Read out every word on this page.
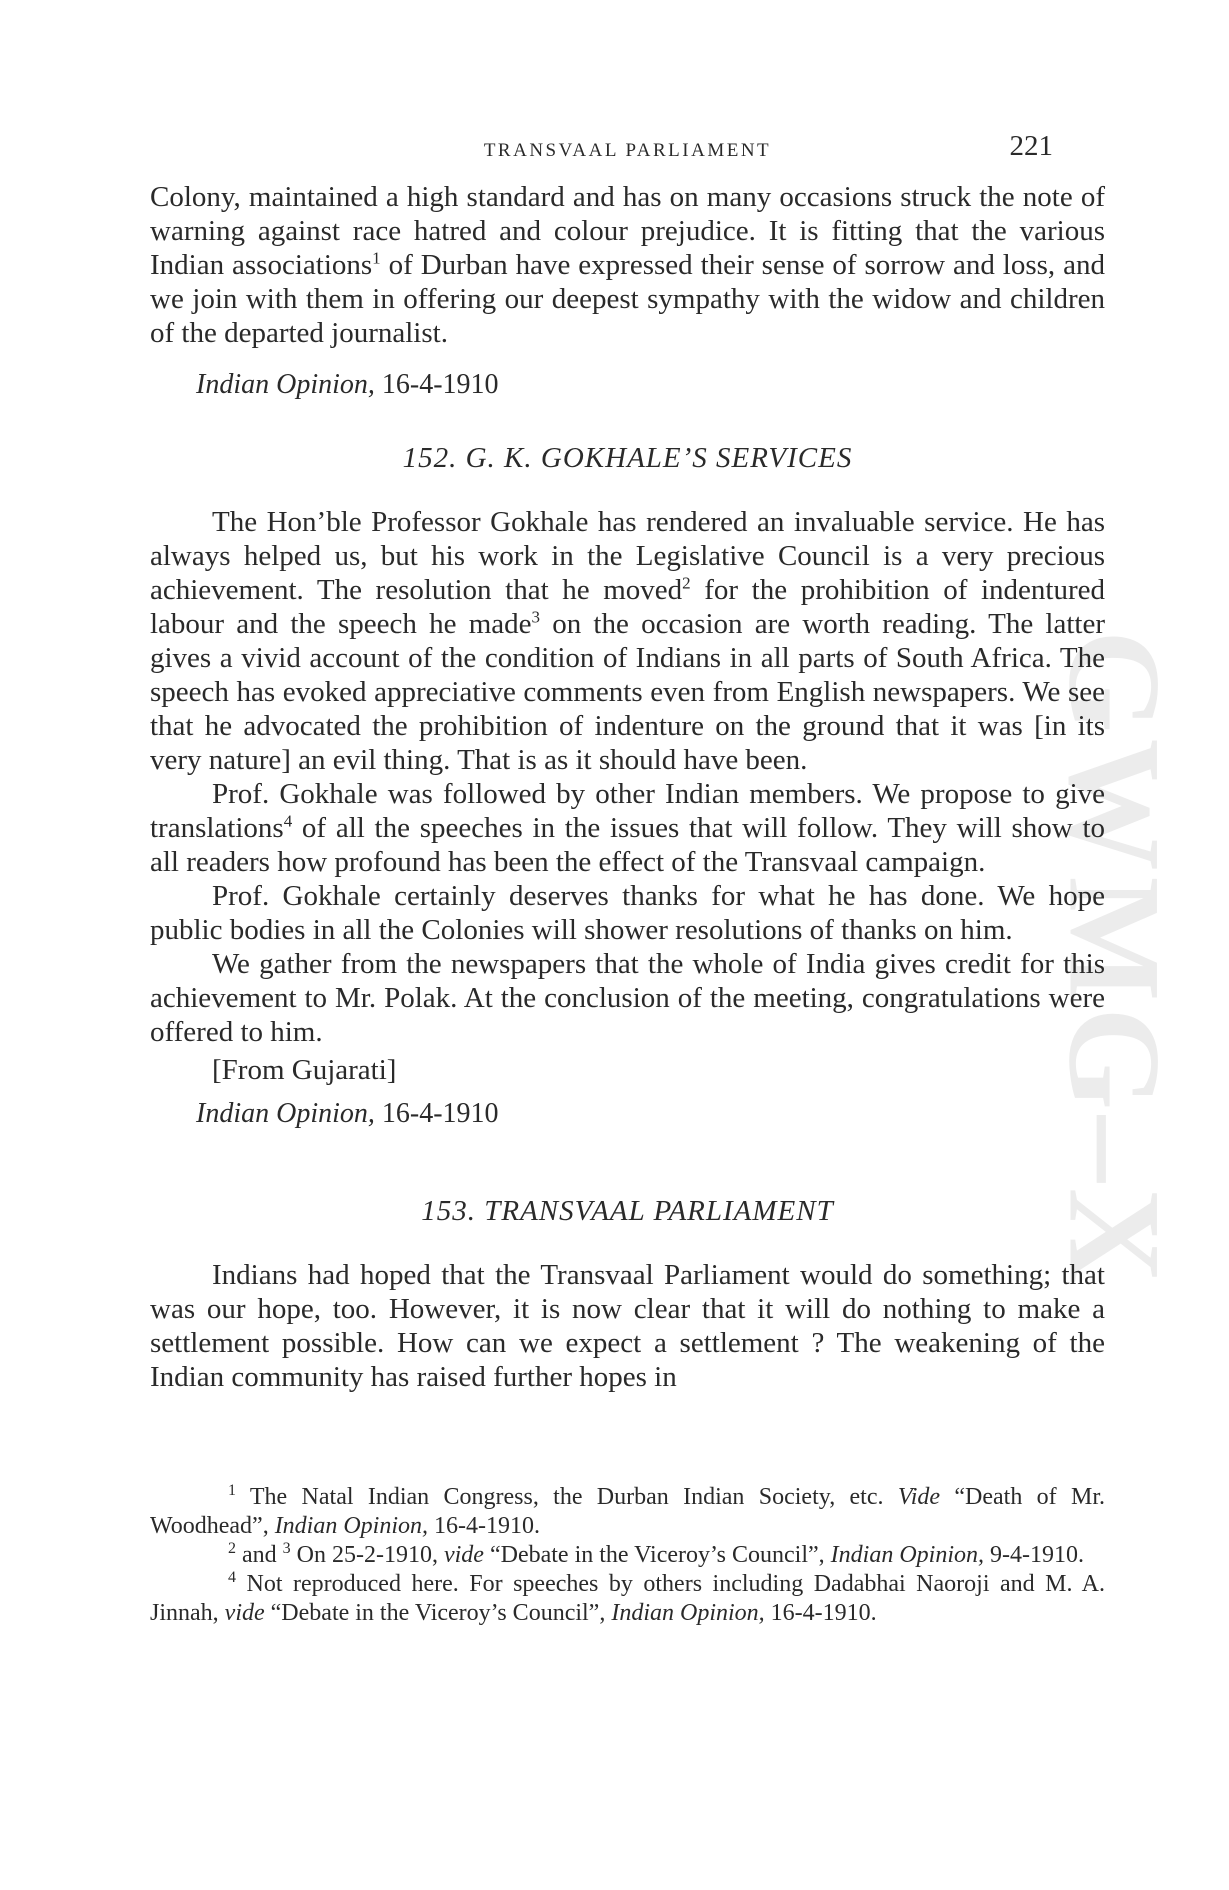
GWMG–X
TRANSVAAL PARLIAMENT	221

Colony, maintained a high standard and has on many occasions struck the note of warning against race hatred and colour prejudice. It is fitting that the various Indian associations$^1$ of Durban have expressed their sense of sorrow and loss, and we join with them in offering our deepest sympathy with the widow and children of the departed journalist.

Indian Opinion, 16-4-1910
152. G. K. GOKHALE’S SERVICES

The Hon’ble Professor Gokhale has rendered an invaluable service. He has always helped us, but his work in the Legislative Council is a very precious achievement. The resolution that he moved$^2$ for the prohibition of indentured labour and the speech he made$^3$ on the occasion are worth reading. The latter gives a vivid account of the condition of Indians in all parts of South Africa. The speech has evoked appreciative comments even from English newspapers. We see that he advocated the prohibition of indenture on the ground that it was [in its very nature] an evil thing. That is as it should have been.

Prof. Gokhale was followed by other Indian members. We propose to give translations$^4$ of all the speeches in the issues that will follow. They will show to all readers how profound has been the effect of the Transvaal campaign.

Prof. Gokhale certainly deserves thanks for what he has done. We hope public bodies in all the Colonies will shower resolutions of thanks on him.

We gather from the newspapers that the whole of India gives credit for this achievement to Mr. Polak. At the conclusion of the meeting, congratulations were offered to him.

[From Gujarati]
Indian Opinion, 16-4-1910
153. TRANSVAAL PARLIAMENT

Indians had hoped that the Transvaal Parliament would do something; that was our hope, too. However, it is now clear that it will do nothing to make a settlement possible. How can we expect a settlement ? The weakening of the Indian community has raised further hopes in

$^1$ The Natal Indian Congress, the Durban Indian Society, etc. Vide “Death of Mr. Woodhead”, Indian Opinion, 16-4-1910.
$^2$ and $^3$ On 25-2-1910, vide “Debate in the Viceroy’s Council”, Indian Opinion, 9-4-1910.
$^4$ Not reproduced here. For speeches by others including Dadabhai Naoroji and M. A. Jinnah, vide “Debate in the Viceroy’s Council”, Indian Opinion, 16-4-1910.
